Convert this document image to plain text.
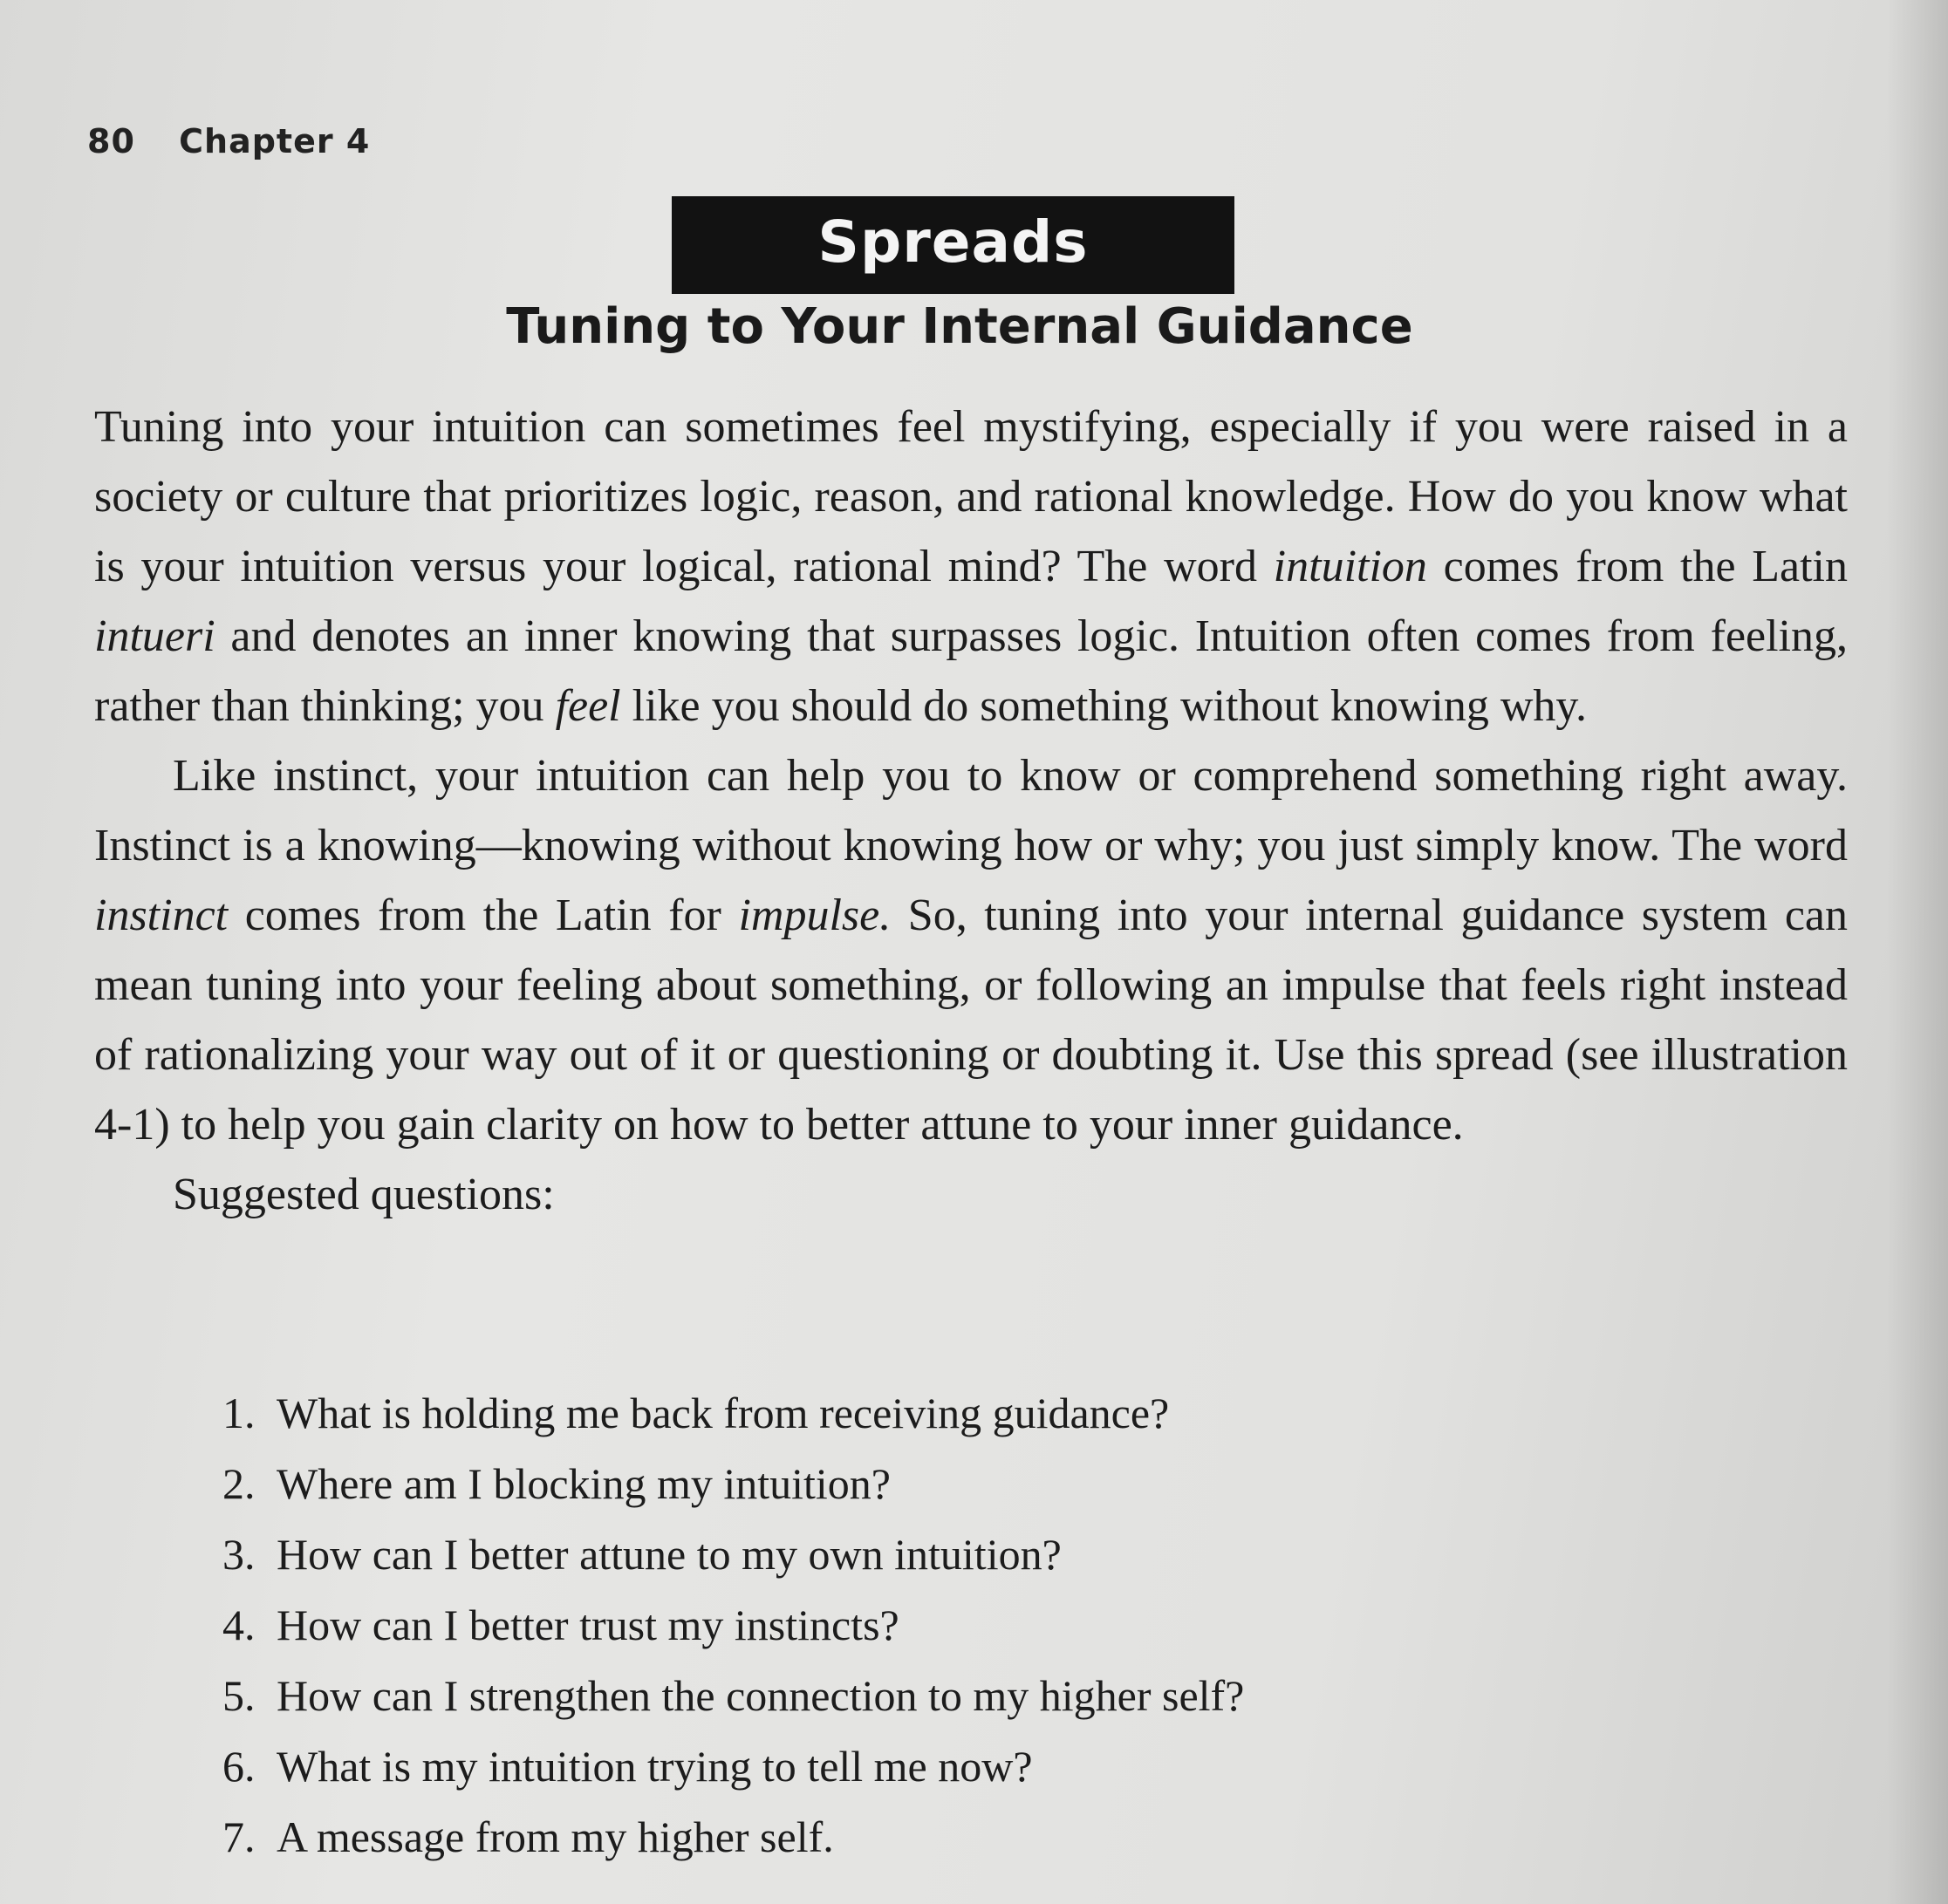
80 Chapter 4
Spreads
Tuning to Your Internal Guidance

Tuning into your intuition can sometimes feel mystifying, especially if you were raised in a society or culture that prioritizes logic, reason, and rational knowledge. How do you know what is your intuition versus your logical, rational mind? The word intuition comes from the Latin intueri and denotes an inner knowing that surpasses logic. Intuition often comes from feeling, rather than thinking; you feel like you should do something without knowing why.

Like instinct, your intuition can help you to know or comprehend something right away. Instinct is a knowing—knowing without knowing how or why; you just simply know. The word instinct comes from the Latin for impulse. So, tuning into your internal guidance system can mean tuning into your feeling about something, or following an impulse that feels right instead of rationalizing your way out of it or questioning or doubting it. Use this spread (see illustration 4-1) to help you gain clarity on how to better attune to your inner guidance.

Suggested questions:

1. What is holding me back from receiving guidance?
2. Where am I blocking my intuition?
3. How can I better attune to my own intuition?
4. How can I better trust my instincts?
5. How can I strengthen the connection to my higher self?
6. What is my intuition trying to tell me now?
7. A message from my higher self.
